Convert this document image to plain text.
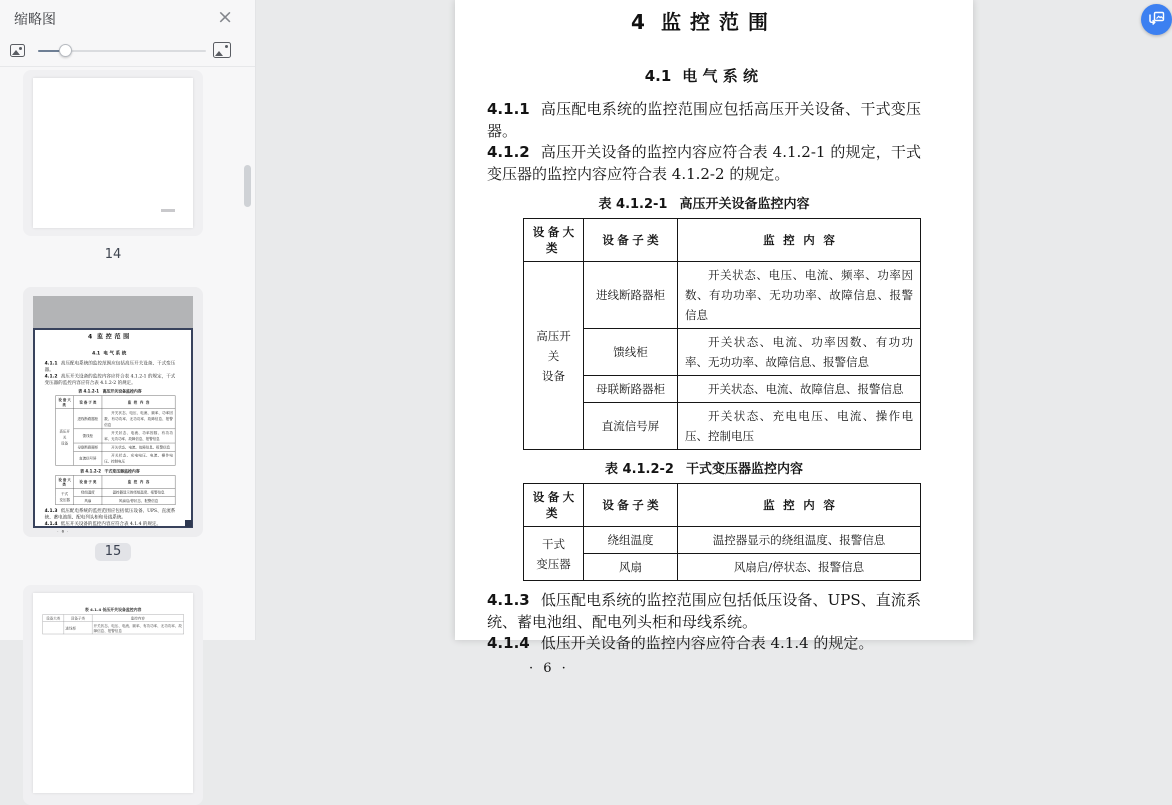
缩略图	×
14
4 监控范围
4.1 电气系统

4.1.1 高压配电系统的监控范围应包括高压开关设备、干式变压器。

4.1.2 高压开关设备的监控内容应符合表 4.1.2-1 的规定，干式变压器的监控内容应符合表 4.1.2-2 的规定。

表 4.1.2-1 高压开关设备监控内容
设备大类	设备子类	监控内容

高压开关
设备	进线断路器柜	开关状态、电压、电流、频率、功率因数、有功功率、无功功率、故障信息、报警信息

	馈线柜	开关状态、电流、功率因数、有功功率、无功功率、故障信息、报警信息

	母联断路器柜	开关状态、电流、故障信息、报警信息

	直流信号屏	开关状态、充电电压、电流、操作电压、控制电压

表 4.1.2-2 干式变压器监控内容
设备大类	设备子类	监控内容

干式
变压器	绕组温度	温控器显示的绕组温度、报警信息
	风扇	风扇启/停状态、报警信息

4.1.3 低压配电系统的监控范围应包括低压设备、UPS、直流系统、蓄电池组、配电列头柜和母线系统。

4.1.4 低压开关设备的监控内容应符合表 4.1.4 的规定。

· 6 ·
15
表 4.1.4 低压开关设备监控内容
设备大类	设备子类	监控内容
	进线柜	开关状态、电压、电流、频率、有功功率、无功功率、故障信息、报警信息
4 监控范围
4.1 电气系统

4.1.1 高压配电系统的监控范围应包括高压开关设备、干式变压器。

4.1.2 高压开关设备的监控内容应符合表 4.1.2-1 的规定，干式变压器的监控内容应符合表 4.1.2-2 的规定。

表 4.1.2-1 高压开关设备监控内容
设备大类	设备子类	监控内容

高压开关
设备	进线断路器柜	开关状态、电压、电流、频率、功率因数、有功功率、无功功率、故障信息、报警信息

	馈线柜	开关状态、电流、功率因数、有功功率、无功功率、故障信息、报警信息

	母联断路器柜	开关状态、电流、故障信息、报警信息

	直流信号屏	开关状态、充电电压、电流、操作电压、控制电压

表 4.1.2-2 干式变压器监控内容
设备大类	设备子类	监控内容

干式
变压器	绕组温度	温控器显示的绕组温度、报警信息
	风扇	风扇启/停状态、报警信息

4.1.3 低压配电系统的监控范围应包括低压设备、UPS、直流系统、蓄电池组、配电列头柜和母线系统。

4.1.4 低压开关设备的监控内容应符合表 4.1.4 的规定。

· 6 ·
